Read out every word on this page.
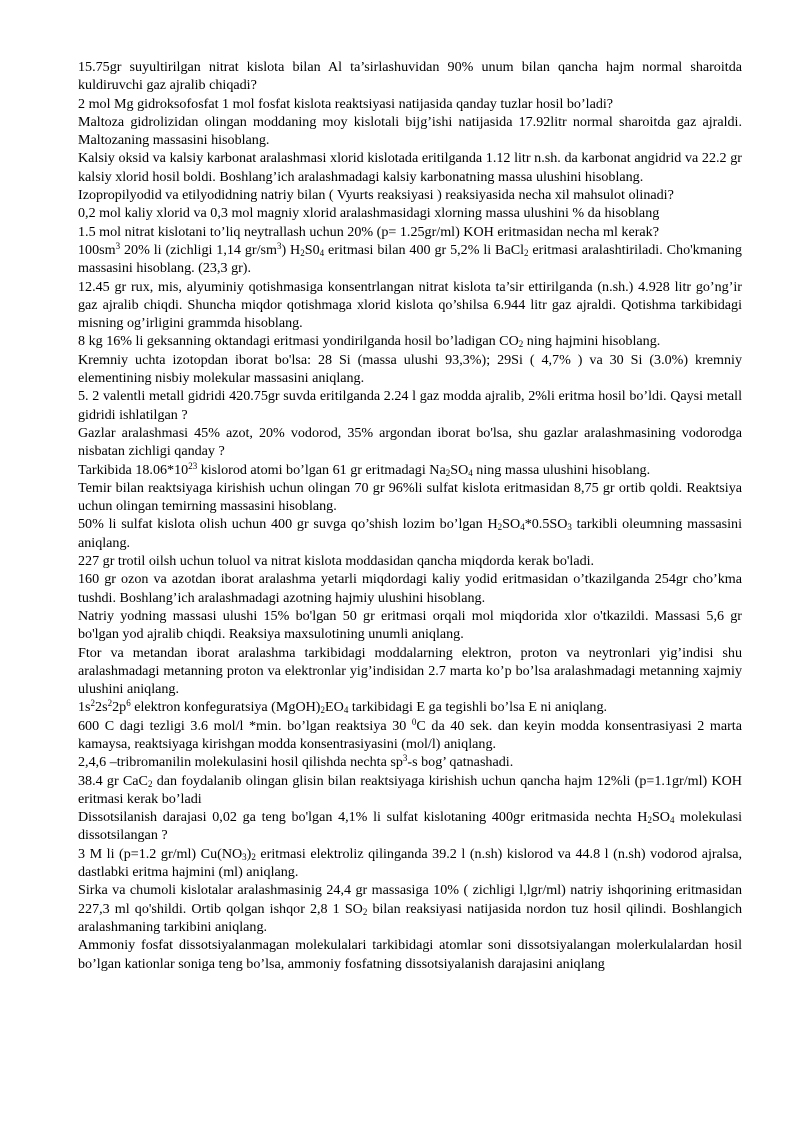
15.75gr suyultirilgan nitrat kislota bilan Al ta’sirlashuvidan 90% unum bilan qancha hajm normal sharoitda kuldiruvchi gaz ajralib chiqadi?

2 mol Mg gidroksofosfat 1 mol fosfat kislota reaktsiyasi natijasida qanday tuzlar hosil bo’ladi?

Maltoza gidrolizidan olingan moddaning moy kislotali bijg’ishi natijasida 17.92litr normal sharoitda gaz ajraldi. Maltozaning massasini hisoblang.

Kalsiy oksid va kalsiy karbonat aralashmasi xlorid kislotada eritilganda 1.12 litr n.sh. da karbonat angidrid va 22.2 gr kalsiy xlorid hosil boldi. Boshlang’ich aralashmadagi kalsiy karbonatning massa ulushini hisoblang.

Izopropilyodid va etilyodidning natriy bilan ( Vyurts reaksiyasi ) reaksiyasida necha xil mahsulot olinadi?

0,2 mol kaliy xlorid va 0,3 mol magniy xlorid aralashmasidagi xlorning massa ulushini % da hisoblang

1.5 mol nitrat kislotani to’liq neytrallash uchun 20% (p= 1.25gr/ml) KOH eritmasidan necha ml kerak?

$100sm^3$ 20% li (zichligi 1,14 $gr/sm^3$) $H_2S0_4$ eritmasi bilan 400 gr 5,2% li BaCl$_2$ eritmasi aralashtiriladi. Cho'kmaning massasini hisoblang. (23,3 gr).

12.45 gr rux, mis, alyuminiy qotishmasiga konsentrlangan nitrat kislota ta’sir ettirilganda (n.sh.) 4.928 litr go’ng’ir gaz ajralib chiqdi. Shuncha miqdor qotishmaga xlorid kislota qo’shilsa 6.944 litr gaz ajraldi. Qotishma tarkibidagi misning og’irligini grammda hisoblang.

8 kg 16% li geksanning oktandagi eritmasi yondirilganda hosil bo’ladigan $CO_2$ ning hajmini hisoblang.

Kremniy uchta izotopdan iborat bo'lsa: 28 Si (massa ulushi 93,3%); 29Si ( 4,7% ) va 30 Si (3.0%) kremniy elementining nisbiy molekular massasini aniqlang.

5. 2 valentli metall gidridi 420.75gr suvda eritilganda 2.24 l gaz modda ajralib, 2%li eritma hosil bo’ldi. Qaysi metall gidridi ishlatilgan ?

Gazlar aralashmasi 45% azot, 20% vodorod, 35% argondan iborat bo'lsa, shu gazlar aralashmasining vodorodga nisbatan zichligi qanday ?

Tarkibida $18.06*10^{23}$ kislorod atomi bo’lgan 61 gr eritmadagi $Na_2SO_4$ ning massa ulushini hisoblang.

Temir bilan reaktsiyaga kirishish uchun olingan 70 gr 96%li sulfat kislota eritmasidan 8,75 gr ortib qoldi. Reaktsiya uchun olingan temirning massasini hisoblang.

50% li sulfat kislota olish uchun 400 gr suvga qo’shish lozim bo’lgan $H_2SO_4*0.5SO_3$ tarkibli oleumning massasini aniqlang.

227 gr trotil oilsh uchun toluol va nitrat kislota moddasidan qancha miqdorda kerak bo'ladi.

160 gr ozon va azotdan iborat aralashma yetarli miqdordagi kaliy yodid eritmasidan o’tkazilganda 254gr cho’kma tushdi. Boshlang’ich aralashmadagi azotning hajmiy ulushini hisoblang.

Natriy yodning massasi ulushi 15% bo'lgan 50 gr eritmasi orqali mol miqdorida xlor o'tkazildi. Massasi 5,6 gr bo'lgan yod ajralib chiqdi. Reaksiya maxsulotining unumli aniqlang.

Ftor va metandan iborat aralashma tarkibidagi moddalarning elektron, proton va neytronlari yig’indisi shu aralashmadagi metanning proton va elektronlar yig’indisidan 2.7 marta ko’p bo’lsa aralashmadagi metanning xajmiy ulushini aniqlang.

$1s^22s^22p^6$ elektron konfeguratsiya $(MgOH)_2EO_4$ tarkibidagi E ga tegishli bo’lsa E ni aniqlang.

600 C dagi tezligi 3.6 mol/l *min. bo’lgan reaktsiya 30 $^0$C da 40 sek. dan keyin modda konsentrasiyasi 2 marta kamaysa, reaktsiyaga kirishgan modda konsentrasiyasini (mol/l) aniqlang.

2,4,6 –tribromanilin molekulasini hosil qilishda nechta $sp^3-s$ bog’ qatnashadi.

38.4 gr CaC$_2$ dan foydalanib olingan glisin bilan reaktsiyaga kirishish uchun qancha hajm 12%li (p=1.1gr/ml) KOH eritmasi kerak bo’ladi

Dissotsilanish darajasi 0,02 ga teng bo'lgan 4,1% li sulfat kislotaning 400gr eritmasida nechta $H_2SO_4$ molekulasi dissotsilangan ?

3 M li (p=1.2 gr/ml) $Cu(NO_3)_2$ eritmasi elektroliz qilinganda 39.2 l (n.sh) kislorod va 44.8 l (n.sh) vodorod ajralsa, dastlabki eritma hajmini (ml) aniqlang.

Sirka va chumoli kislotalar aralashmasinig 24,4 gr massasiga 10% ( zichligi l,lgr/ml) natriy ishqorining eritmasidan 227,3 ml qo'shildi. Ortib qolgan ishqor 2,8 1 $SO_2$ bilan reaksiyasi natijasida nordon tuz hosil qilindi. Boshlangich aralashmaning tarkibini aniqlang.

Ammoniy fosfat dissotsiyalanmagan molekulalari tarkibidagi atomlar soni dissotsiyalangan molerkulalardan hosil bo’lgan kationlar soniga teng bo’lsa, ammoniy fosfatning dissotsiyalanish darajasini aniqlang
